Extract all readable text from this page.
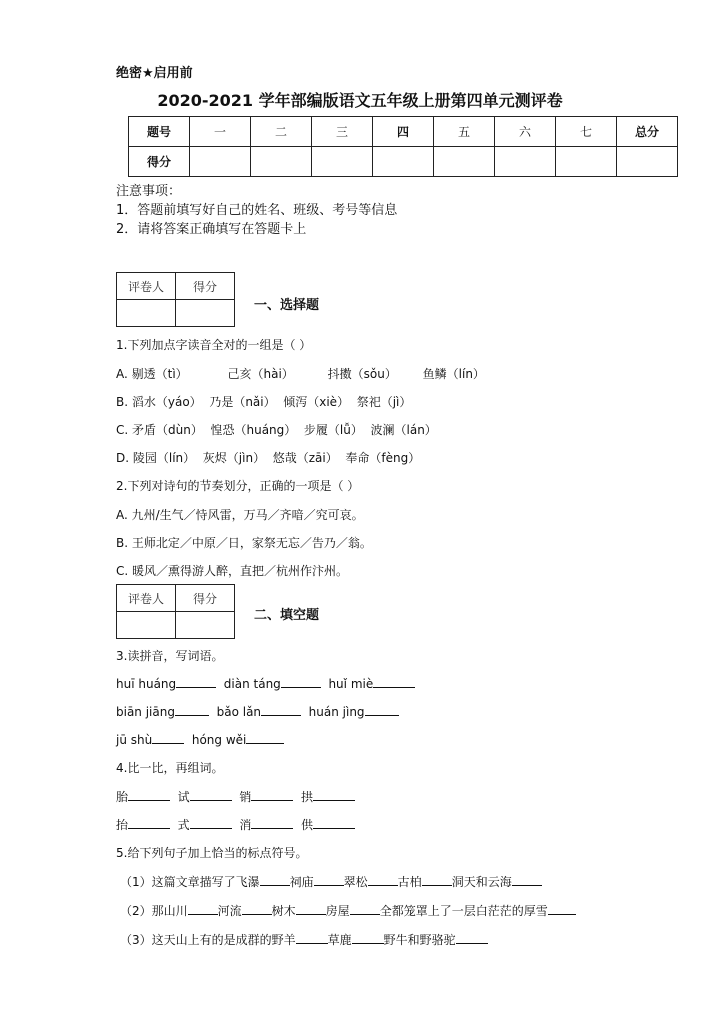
绝密★启用前
2020-2021 学年部编版语文五年级上册第四单元测评卷
题号	一	二	三	四	五	六	七	总分
得分								
注意事项：
1．答题前填写好自己的姓名、班级、考号等信息
2．请将答案正确填写在答题卡上
评卷人	得分

一、选择题
1.下列加点字读音全对的一组是（ ）
A. 剔透（tì）	己亥（hài）	抖擞（sǒu） 鱼鳞（lín）
B. 滔水（yáo） 乃是（nǎi） 倾泻（xiè） 祭祀（jì）
C. 矛盾（dùn） 惶恐（huáng） 步履（lǚ） 波澜（lán）
D. 陵园（lín） 灰烬（jìn） 悠哉（zāi） 奉命（fèng）
2.下列对诗句的节奏划分，正确的一项是（ ）
A. 九州/生气／恃风雷，万马／齐喑／究可哀。
B. 王师北定／中原／日，家祭无忘／告乃／翁。
C. 暖风／熏得游人醉，直把／杭州作汴州。
评卷人	得分

二、填空题
3.读拼音，写词语。
huī huáng	diàn táng	huǐ miè
biān jiāng	bǎo lǎn	huán jìng
jū shù	hóng wěi
4.比一比，再组词。
胎	试	销	拱
抬	式	消	供
5.给下列句子加上恰当的标点符号。
（1）这篇文章描写了飞瀑	祠庙	翠松	古柏	洞天和云海
（2）那山川	河流	树木	房屋	全都笼罩上了一层白茫茫的厚雪
（3）这天山上有的是成群的野羊	草鹿	野牛和野骆驼
